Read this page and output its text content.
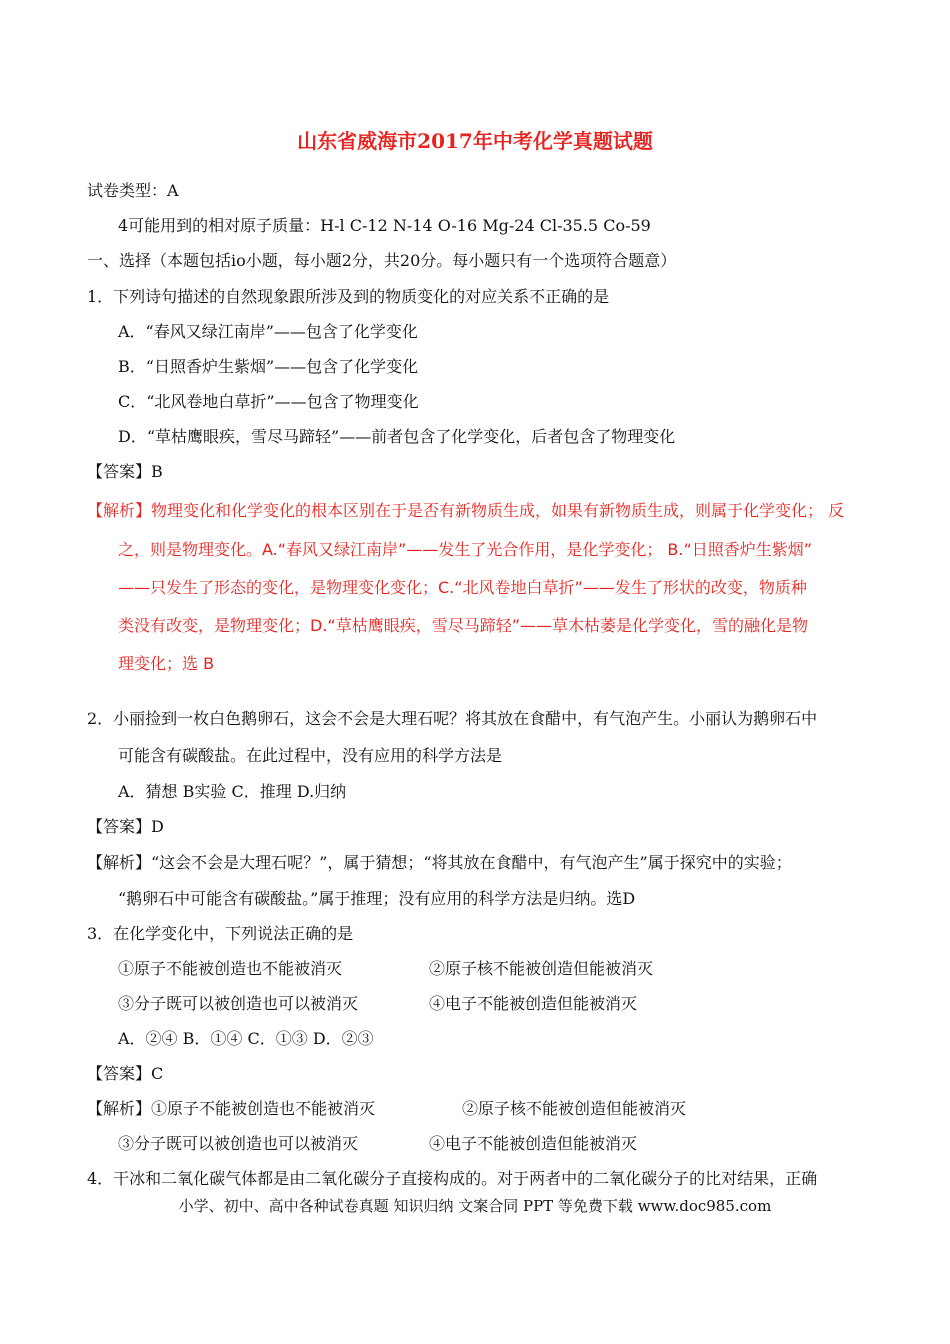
山东省威海市2017年中考化学真题试题
试卷类型：A
4可能用到的相对原子质量：H-l C-12 N-14 O-16 Mg-24 Cl-35.5 Co-59
一、选择（本题包括io小题，每小题2分，共20分。每小题只有一个选项符合题意）
1．下列诗句描述的自然现象跟所涉及到的物质变化的对应关系不正确的是
A．“春风又绿江南岸”——包含了化学变化
B．“日照香炉生紫烟”——包含了化学变化
C．“北风卷地白草折”——包含了物理变化
D．“草枯鹰眼疾，雪尽马蹄轻”——前者包含了化学变化，后者包含了物理变化
【答案】B
【解析】物理变化和化学变化的根本区别在于是否有新物质生成，如果有新物质生成，则属于化学变化； 反
之，则是物理变化。A.“春风又绿江南岸”——发生了光合作用，是化学变化； B.“日照香炉生紫烟”
——只发生了形态的变化，是物理变化变化；C.“北风卷地白草折”——发生了形状的改变，物质种
类没有改变，是物理变化；D.“草枯鹰眼疾，雪尽马蹄轻”——草木枯萎是化学变化，雪的融化是物
理变化；选 B
2．小丽捡到一枚白色鹅卵石，这会不会是大理石呢？将其放在食醋中，有气泡产生。小丽认为鹅卵石中
可能含有碳酸盐。在此过程中，没有应用的科学方法是
A．猜想 B实验 C．推理 D.归纳
【答案】D
【解析】“这会不会是大理石呢？”，属于猜想；“将其放在食醋中，有气泡产生”属于探究中的实验；
“鹅卵石中可能含有碳酸盐。”属于推理；没有应用的科学方法是归纳。选D
3．在化学变化中，下列说法正确的是
①原子不能被创造也不能被消灭	②原子核不能被创造但能被消灭
③分子既可以被创造也可以被消灭	④电子不能被创造但能被消灭
A．②④ B．①④ C．①③ D．②③
【答案】C
【解析】①原子不能被创造也不能被消灭	②原子核不能被创造但能被消灭
③分子既可以被创造也可以被消灭	④电子不能被创造但能被消灭
4．干冰和二氧化碳气体都是由二氧化碳分子直接构成的。对于两者中的二氧化碳分子的比对结果，正确
小学、初中、高中各种试卷真题 知识归纳 文案合同 PPT 等免费下载 www.doc985.com
